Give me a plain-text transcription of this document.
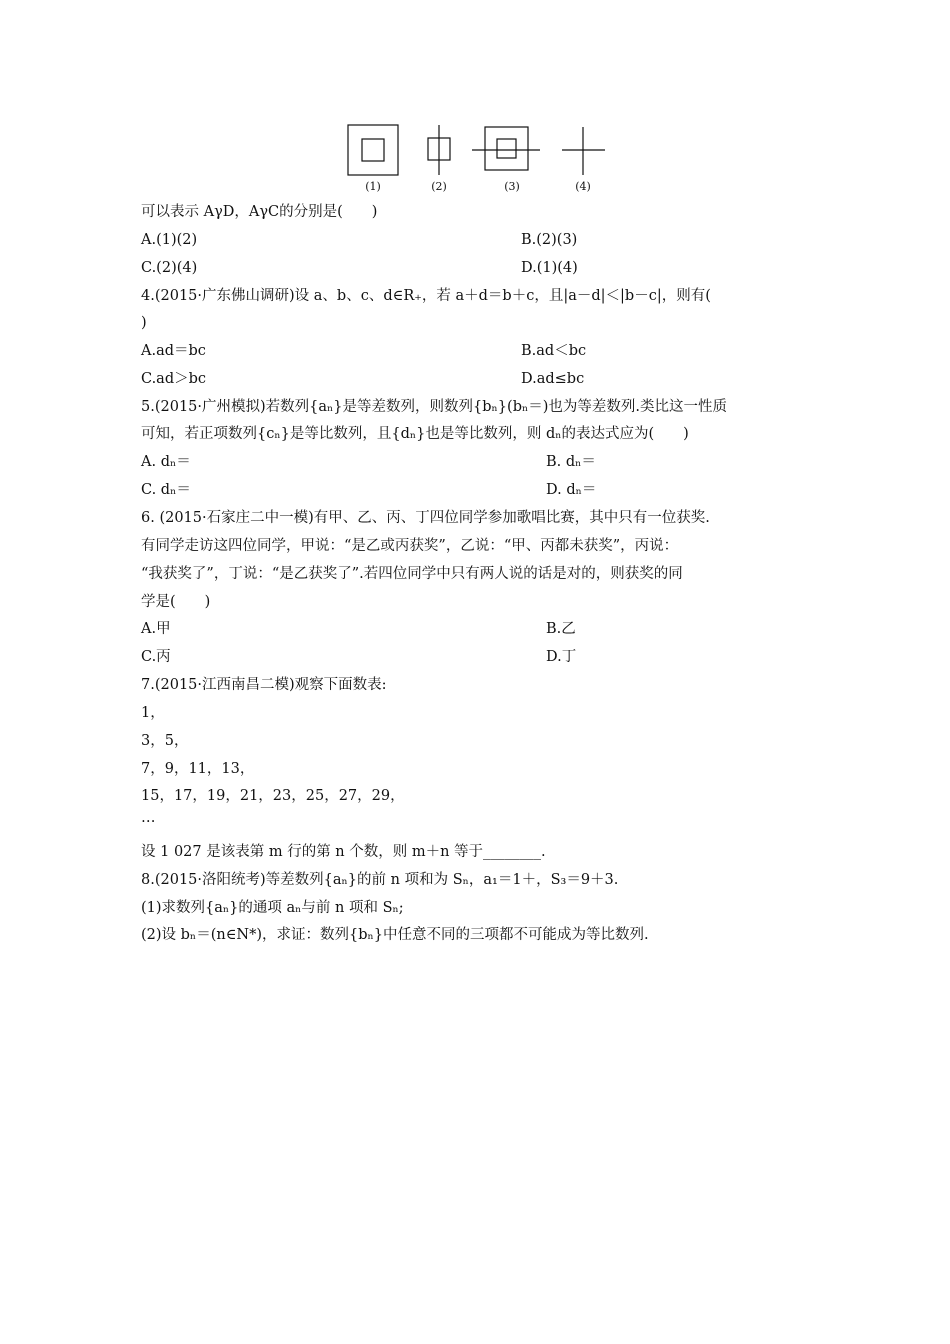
(1)	(2)	(3)	(4)
可以表示 AγD，AγC的分别是(　　)
A.(1)(2)	B.(2)(3)
C.(2)(4)	D.(1)(4)
4.(2015·广东佛山调研)设 a、b、c、d∈R₊，若 a＋d＝b＋c，且|a－d|＜|b－c|，则有(
)
A.ad＝bc	B.ad＜bc
C.ad＞bc	D.ad≤bc
5.(2015·广州模拟)若数列{aₙ}是等差数列，则数列{bₙ}(bₙ＝)也为等差数列.类比这一性质
可知，若正项数列{cₙ}是等比数列，且{dₙ}也是等比数列，则 dₙ的表达式应为(　　)
A. dₙ＝	B. dₙ＝
C. dₙ＝	D. dₙ＝
6. (2015·石家庄二中一模)有甲、乙、丙、丁四位同学参加歌唱比赛，其中只有一位获奖.
有同学走访这四位同学，甲说：“是乙或丙获奖”，乙说：“甲、丙都未获奖”，丙说：
“我获奖了”，丁说：“是乙获奖了”.若四位同学中只有两人说的话是对的，则获奖的同
学是(　　)
A.甲	B.乙
C.丙	D.丁
7.(2015·江西南昌二模)观察下面数表:
1，
3，5，
7，9，11，13，
15，17，19，21，23，25，27，29，
…
设 1 027 是该表第 m 行的第 n 个数，则 m＋n 等于________.
8.(2015·洛阳统考)等差数列{aₙ}的前 n 项和为 Sₙ，a₁＝1＋，S₃＝9＋3.
(1)求数列{aₙ}的通项 aₙ与前 n 项和 Sₙ;
(2)设 bₙ＝(n∈N*)，求证：数列{bₙ}中任意不同的三项都不可能成为等比数列.
